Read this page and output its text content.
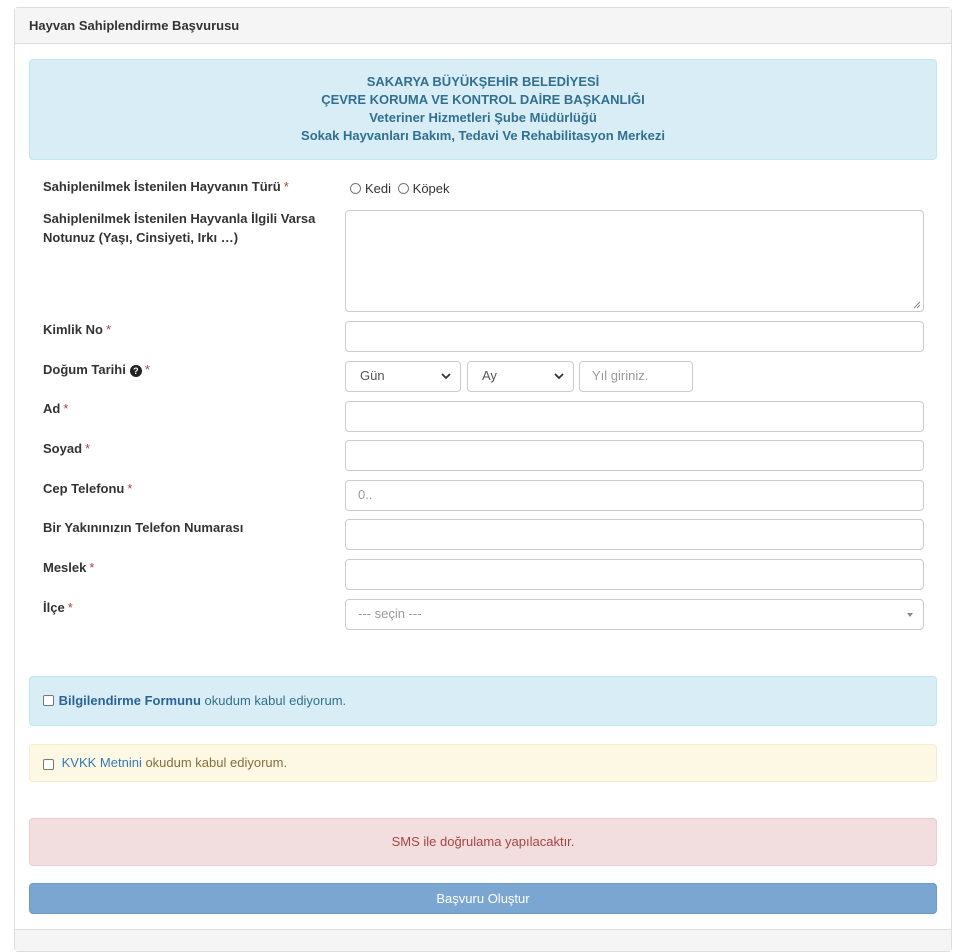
Hayvan Sahiplendirme Başvurusu
SAKARYA BÜYÜKŞEHİR BELEDİYESİ
ÇEVRE KORUMA VE KONTROL DAİRE BAŞKANLIĞI
Veteriner Hizmetleri Şube Müdürlüğü
Sokak Hayvanları Bakım, Tedavi Ve Rehabilitasyon Merkezi
Sahiplenilmek İstenilen Hayvanın Türü *	Kedi Köpek
Sahiplenilmek İstenilen Hayvanla İlgili Varsa Notunuz (Yaşı, Cinsiyeti, Irkı …)
Kimlik No *
Doğum Tarihi ? *	Gün	Ay	Yıl giriniz.
Ad *
Soyad *
Cep Telefonu *	0..
Bir Yakınınızın Telefon Numarası
Meslek *
İlçe *	--- seçin ---
Bilgilendirme Formunu okudum kabul ediyorum.
KVKK Metnini okudum kabul ediyorum.
SMS ile doğrulama yapılacaktır.
Başvuru Oluştur
